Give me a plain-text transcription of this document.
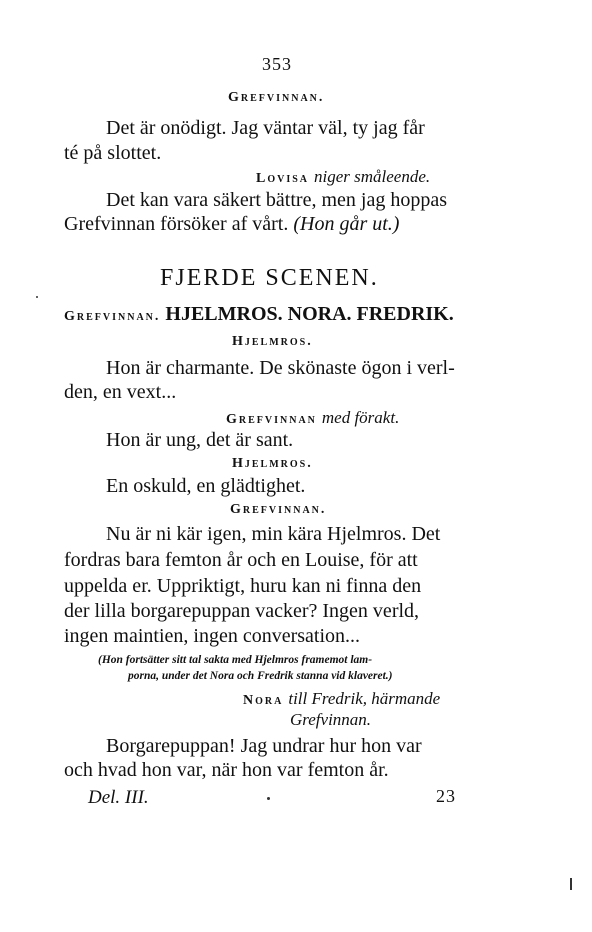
353
Grefvinnan.
Det är onödigt. Jag väntar väl, ty jag får
té på slottet.
Lovisa niger småleende.
Det kan vara säkert bättre, men jag hoppas
Grefvinnan försöker af vårt. (Hon går ut.)
FJERDE SCENEN.
Grefvinnan. HJELMROS. NORA. FREDRIK.
Hjelmros.
Hon är charmante. De skönaste ögon i verl-
den, en vext...
Grefvinnan med förakt.
Hon är ung, det är sant.
Hjelmros.
En oskuld, en glädtighet.
Grefvinnan.
Nu är ni kär igen, min kära Hjelmros. Det
fordras bara femton år och en Louise, för att
uppelda er. Uppriktigt, huru kan ni finna den
der lilla borgarepuppan vacker? Ingen verld,
ingen maintien, ingen conversation...
(Hon fortsätter sitt tal sakta med Hjelmros framemot lam-
porna, under det Nora och Fredrik stanna vid klaveret.)
Nora till Fredrik, härmande
Grefvinnan.
Borgarepuppan! Jag undrar hur hon var
och hvad hon var, när hon var femton år.
Del. III.	23
